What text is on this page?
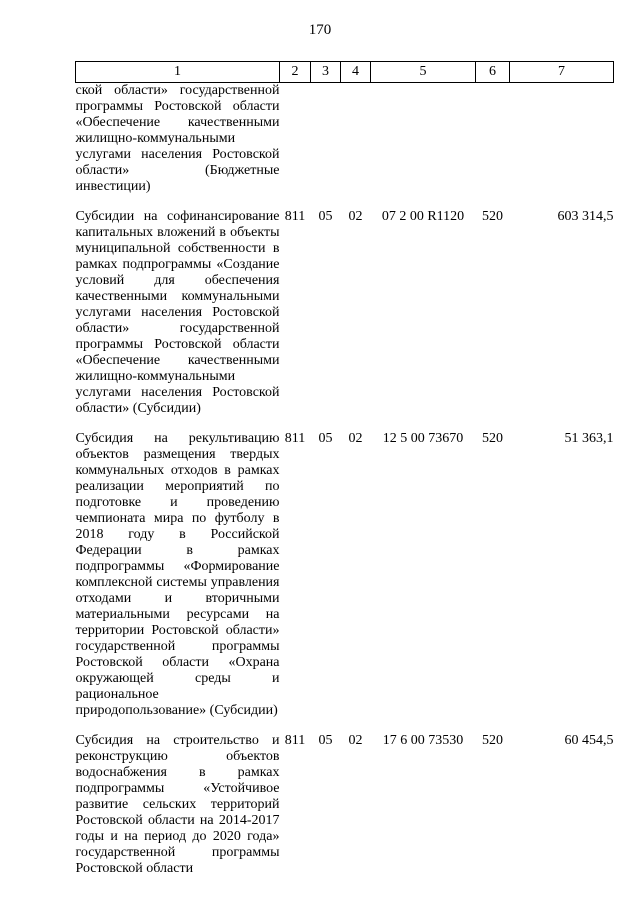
170
1	2	3	4	5	6	7
ской области» государственной программы Ростовской области «Обеспечение качественными жилищно-коммунальными услугами населения Ростовской области» (Бюджетные инвестиции)						

Субсидии на софинансирование капитальных вложений в объекты муниципальной собственности в рамках подпрограммы «Создание условий для обеспечения качественными коммунальными услугами населения Ростовской области» государственной программы Ростовской области «Обеспечение качественными жилищно-коммунальными услугами населения Ростовской области» (Субсидии)	811	05	02	07 2 00 R1120	520	603 314,5

Субсидия на рекультивацию объектов размещения твердых коммунальных отходов в рамках реализации мероприятий по подготовке и проведению чемпионата мира по футболу в 2018 году в Российской Федерации в рамках подпрограммы «Формирование комплексной системы управления отходами и вторичными материальными ресурсами на территории Ростовской области» государственной программы Ростовской области «Охрана окружающей среды и рациональное природопользование» (Субсидии)	811	05	02	12 5 00 73670	520	51 363,1

Субсидия на строительство и реконструкцию объектов водоснабжения в рамках подпрограммы «Устойчивое развитие сельских территорий Ростовской области на 2014-2017 годы и на период до 2020 года» государственной программы Ростовской области	811	05	02	17 6 00 73530	520	60 454,5
